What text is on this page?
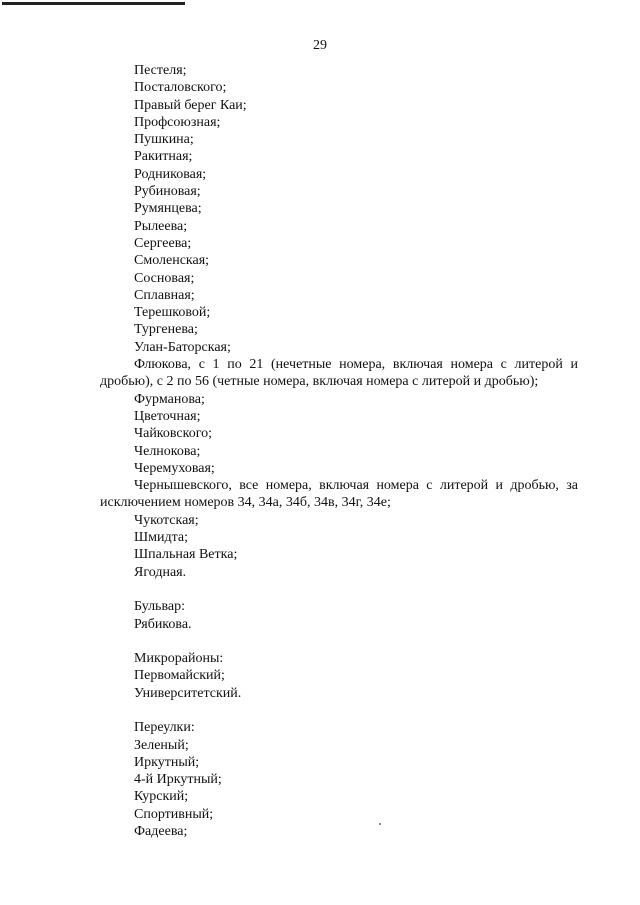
29
Пестеля;
Посталовского;
Правый берег Каи;
Профсоюзная;
Пушкина;
Ракитная;
Родниковая;
Рубиновая;
Румянцева;
Рылеева;
Сергеева;
Смоленская;
Сосновая;
Сплавная;
Терешковой;
Тургенева;
Улан-Баторская;
Флюкова, с 1 по 21 (нечетные номера, включая номера с литерой и дробью), с 2 по 56 (четные номера, включая номера с литерой и дробью);
Фурманова;
Цветочная;
Чайковского;
Челнокова;
Черемуховая;
Чернышевского, все номера, включая номера с литерой и дробью, за исключением номеров 34, 34а, 34б, 34в, 34г, 34е;
Чукотская;
Шмидта;
Шпальная Ветка;
Ягодная.
Бульвар:
Рябикова.
Микрорайоны:
Первомайский;
Университетский.
Переулки:
Зеленый;
Иркутный;
4-й Иркутный;
Курский;
Спортивный;
Фадеева;
